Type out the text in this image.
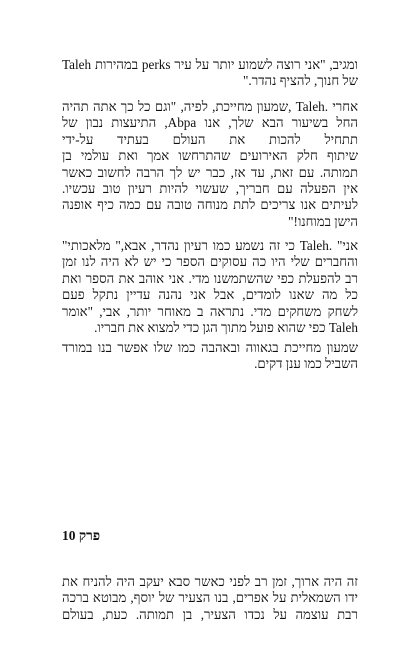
ומגיב, "אני רוצה לשמוע יותר על עיר perks במהירות Taleh
של חנוך, להציף נהדר."
אחרי .Taleh ,שמעון מחייכת, לפיה, "וגם כל כך אתה תהיה
החל בשיעור הבא שלך, אנו Abpa, התיעצות נבון של
תתחיל להכות את העולם בעתיד על-ידי
שיתוף חלק האירועים שהתרחשו אמך ואת עולמי בן
תמותה. עם זאת, עד אז, כבר יש לך הרבה לחשוב כאשר
אין הפעלה עם חבריך, שעשוי להיות רעיון טוב עכשיו.
לעיתים אנו צריכים לתת מנוחה טובה עם כמה כיף אופנה
הישן במוחנו!"
אני" .Taleh כי זה נשמע כמו רעיון נהדר, אבא," מלאכותי"
והחברים שלי היו כה עסוקים הספר כי יש לא היה לנו זמן
רב להפעלת כפי שהשתמשנו מדי. אני אוהב את הספר ואת
כל מה שאנו לומדים, אבל אני נהנה עדיין נתקל פעם
לשחק משחקים מדי. נתראה ב מאוחר יותר, אבי, "אומר
Taleh כפי שהוא פועל מתוך הגן כדי למצוא את חבריו.
שמעון מחייכת בגאווה ובאהבה כמו שלו אפשר בנו במורד
השביל כמו ענן דקים.
פרק 10
זה היה ארוך, זמן רב לפני כאשר סבא יעקב היה להניח את
ידו השמאלית על אפרים, בנו הצעיר של יוסף, מבוטא ברכה
רבת עוצמה על נכדו הצעיר, בן תמותה. כעת, בעולם
